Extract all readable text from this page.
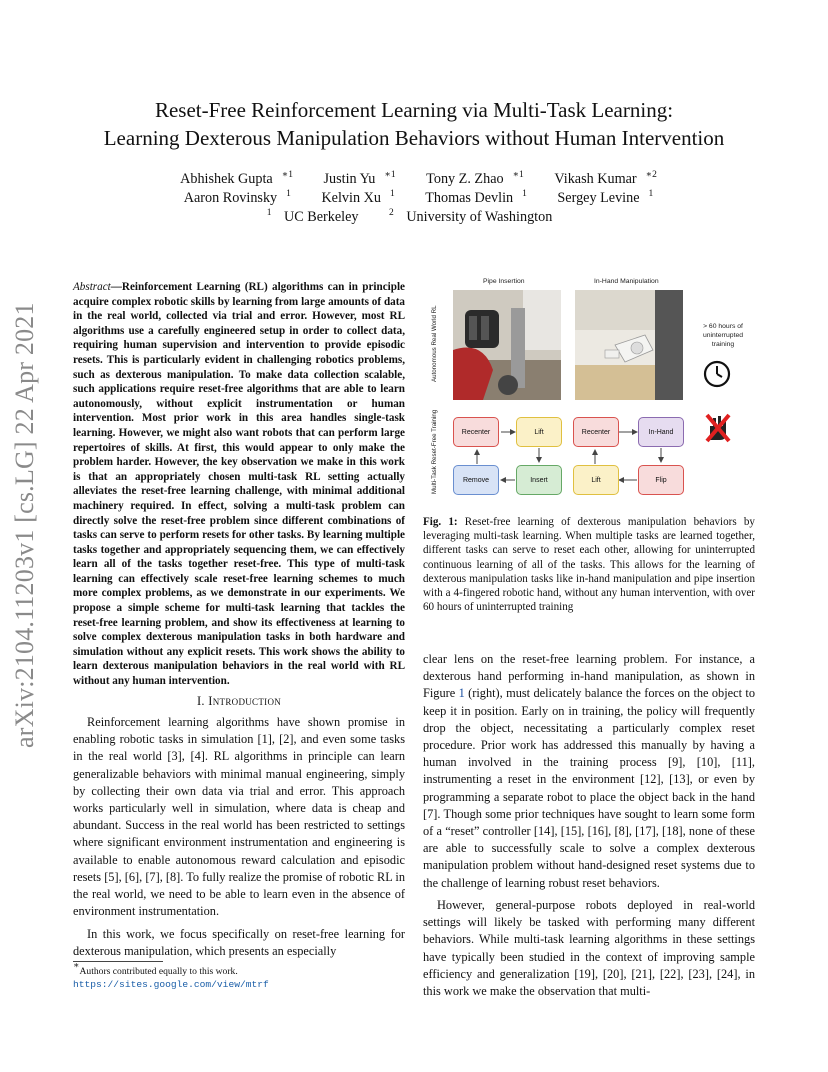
Reset-Free Reinforcement Learning via Multi-Task Learning:
Learning Dexterous Manipulation Behaviors without Human Intervention
Abhishek Gupta $^{∗1}$ Justin Yu $^{∗1}$ Tony Z. Zhao $^{∗1}$ Vikash Kumar $^{∗2}$
Aaron Rovinsky $^1$ Kelvin Xu $^1$ Thomas Devlin $^1$ Sergey Levine $^1$
$^1$ UC Berkeley	$^2$ University of Washington
arXiv:2104.11203v1 [cs.LG] 22 Apr 2021
Abstract—Reinforcement Learning (RL) algorithms can in principle acquire complex robotic skills by learning from large amounts of data in the real world, collected via trial and error. However, most RL algorithms use a carefully engineered setup in order to collect data, requiring human supervision and intervention to provide episodic resets. This is particularly evident in challenging robotics problems, such as dexterous manipulation. To make data collection scalable, such applications require reset-free algorithms that are able to learn autonomously, without explicit instrumentation or human intervention. Most prior work in this area handles single-task learning. However, we might also want robots that can perform large repertoires of skills. At first, this would appear to only make the problem harder. However, the key observation we make in this work is that an appropriately chosen multi-task RL setting actually alleviates the reset-free learning challenge, with minimal additional machinery required. In effect, solving a multi-task problem can directly solve the reset-free problem since different combinations of tasks can serve to perform resets for other tasks. By learning multiple tasks together and appropriately sequencing them, we can effectively learn all of the tasks together reset-free. This type of multi-task learning can effectively scale reset-free learning schemes to much more complex problems, as we demonstrate in our experiments. We propose a simple scheme for multi-task learning that tackles the reset-free learning problem, and show its effectiveness at learning to solve complex dexterous manipulation tasks in both hardware and simulation without any explicit resets. This work shows the ability to learn dexterous manipulation behaviors in the real world with RL without any human intervention.
I. Introduction
Reinforcement learning algorithms have shown promise in enabling robotic tasks in simulation [1], [2], and even some tasks in the real world [3], [4]. RL algorithms in principle can learn generalizable behaviors with minimal manual engineering, simply by collecting their own data via trial and error. This approach works particularly well in simulation, where data is cheap and abundant. Success in the real world has been restricted to settings where significant environment instrumentation and engineering is available to enable autonomous reward calculation and episodic resets [5], [6], [7], [8]. To fully realize the promise of robotic RL in the real world, we need to be able to learn even in the absence of environment instrumentation.
In this work, we focus specifically on reset-free learning for dexterous manipulation, which presents an especially
∗Authors contributed equally to this work.
https://sites.google.com/view/mtrf
clear lens on the reset-free learning problem. For instance, a dexterous hand performing in-hand manipulation, as shown in Figure 1 (right), must delicately balance the forces on the object to keep it in position. Early on in training, the policy will frequently drop the object, necessitating a particularly complex reset procedure. Prior work has addressed this manually by having a human involved in the training process [9], [10], [11], instrumenting a reset in the environment [12], [13], or even by programming a separate robot to place the object back in the hand [7]. Though some prior techniques have sought to learn some form of a “reset” controller [14], [15], [16], [8], [17], [18], none of these are able to successfully scale to solve a complex dexterous manipulation problem without hand-designed reset systems due to the challenge of learning robust reset behaviors.
However, general-purpose robots deployed in real-world settings will likely be tasked with performing many different behaviors. While multi-task learning algorithms in these settings have typically been studied in the context of improving sample efficiency and generalization [19], [20], [21], [22], [23], [24], in this work we make the observation that multi-
Pipe Insertion	In-Hand Manipulation
Autonomous Real World RL
Multi-Task Reset-Free Training
> 60 hours of
uninterrupted
training
Recenter	Lift
Remove	Insert
Recenter	In-Hand
Lift	Flip
Fig. 1: Reset-free learning of dexterous manipulation behaviors by leveraging multi-task learning. When multiple tasks are learned together, different tasks can serve to reset each other, allowing for uninterrupted continuous learning of all of the tasks. This allows for the learning of dexterous manipulation tasks like in-hand manipulation and pipe insertion with a 4-fingered robotic hand, without any human intervention, with over 60 hours of uninterrupted training
